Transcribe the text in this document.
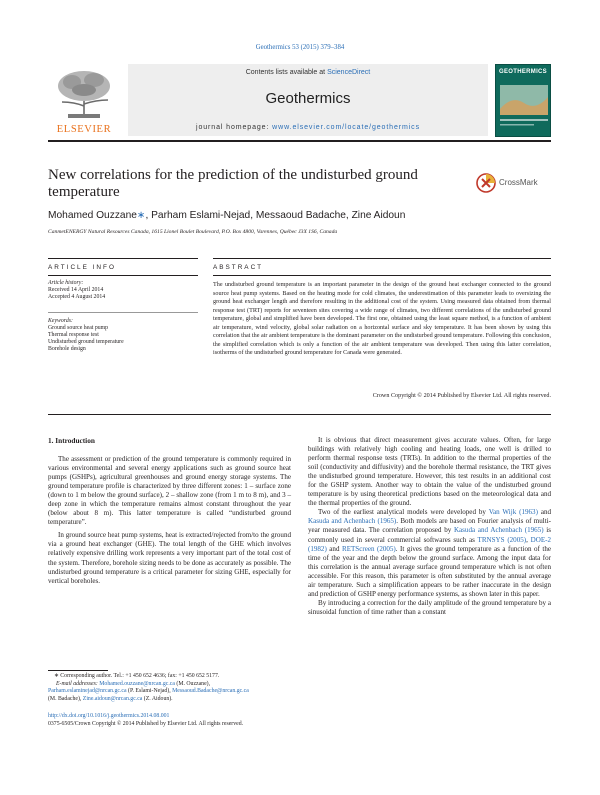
Geothermics 53 (2015) 379–384
ELSEVIER
Contents lists available at ScienceDirect
Geothermics
journal homepage: www.elsevier.com/locate/geothermics
GEOTHERMICS
New correlations for the prediction of the undisturbed ground temperature
CrossMark
Mohamed Ouzzane∗, Parham Eslami-Nejad, Messaoud Badache, Zine Aidoun
CanmetENERGY Natural Resources Canada, 1615 Lionel Boulet Boulevard, P.O. Box 4800, Varennes, Québec J3X 1S6, Canada
ARTICLE INFO
Article history:
Received 14 April 2014
Accepted 4 August 2014
Keywords:
Ground source heat pump
Thermal response test
Undisturbed ground temperature
Borehole design
ABSTRACT
The undisturbed ground temperature is an important parameter in the design of the ground heat exchanger connected to the ground source heat pump systems. Based on the heating mode for cold climates, the underestimation of this parameter leads to oversizing the ground heat exchanger length and therefore resulting in the additional cost of the system. Using measured data obtained from thermal response test (TRT) reports for seventeen sites covering a wide range of climates, two different correlations of the undisturbed ground temperature, global and simplified have been developed. The first one, obtained using the least square method, is a function of ambient air temperature, wind velocity, global solar radiation on a horizontal surface and sky temperature. It has been shown by using this correlation that the air ambient temperature is the dominant parameter on the undisturbed ground temperature. Following this conclusion, the simplified correlation which is only a function of the air ambient temperature was developed. Then using this latter correlation, isotherms of the undisturbed ground temperature for Canada were generated.
Crown Copyright © 2014 Published by Elsevier Ltd. All rights reserved.
1. Introduction

The assessment or prediction of the ground temperature is commonly required in various environmental and several energy applications such as ground source heat pumps (GSHPs), agricultural greenhouses and ground energy storage systems. The ground temperature profile is characterized by three different zones: 1 – surface zone (down to 1 m below the ground surface), 2 – shallow zone (from 1 m to 8 m), and 3 – deep zone in which the temperature remains almost constant throughout the year (below about 8 m). This latter temperature is called “undisturbed ground temperature”.

In ground source heat pump systems, heat is extracted/rejected from/to the ground via a ground heat exchanger (GHE). The total length of the GHE which involves relatively expensive drilling work represents a very important part of the total cost of the system. Therefore, borehole sizing needs to be done as accurately as possible. The undisturbed ground temperature is a critical parameter for sizing GHE, especially for vertical boreholes.

It is obvious that direct measurement gives accurate values. Often, for large buildings with relatively high cooling and heating loads, one well is drilled to perform thermal response tests (TRTs). In addition to the thermal properties of the soil (conductivity and diffusivity) and the borehole thermal resistance, the TRT gives the undisturbed ground temperature. However, this test results in an additional cost for the GSHP system. Another way to obtain the value of the undisturbed ground temperature is by using theoretical predictions based on the meteorological data and the thermal properties of the ground.

Two of the earliest analytical models were developed by Van Wijk (1963) and Kasuda and Achenbach (1965). Both models are based on Fourier analysis of multi-year measured data. The correlation proposed by Kasuda and Achenbach (1965) is commonly used in several commercial softwares such as TRNSYS (2005), DOE-2 (1982) and RETScreen (2005). It gives the ground temperature as a function of the time of the year and the depth below the ground surface. Among the input data for this correlation is the annual average surface ground temperature which is not often accessible. For this reason, this parameter is often substituted by the annual average air temperature. Such a simplification appears to be rather inaccurate in the design and prediction of GSHP energy performance systems, as shown later in this paper.

By introducing a correction for the daily amplitude of the ground temperature by a sinusoidal function of time rather than a constant

∗ Corresponding author. Tel.: +1 450 652 4636; fax: +1 450 652 5177.
E-mail addresses: Mohamed.ouzzane@nrcan.gc.ca (M. Ouzzane),
Parham.eslaminejad@nrcan.gc.ca (P. Eslami-Nejad), Messaoud.Badache@nrcan.gc.ca
(M. Badache), Zine.aidoun@nrcan.gc.ca (Z. Aidoun).
http://dx.doi.org/10.1016/j.geothermics.2014.08.001
0375-6505/Crown Copyright © 2014 Published by Elsevier Ltd. All rights reserved.
